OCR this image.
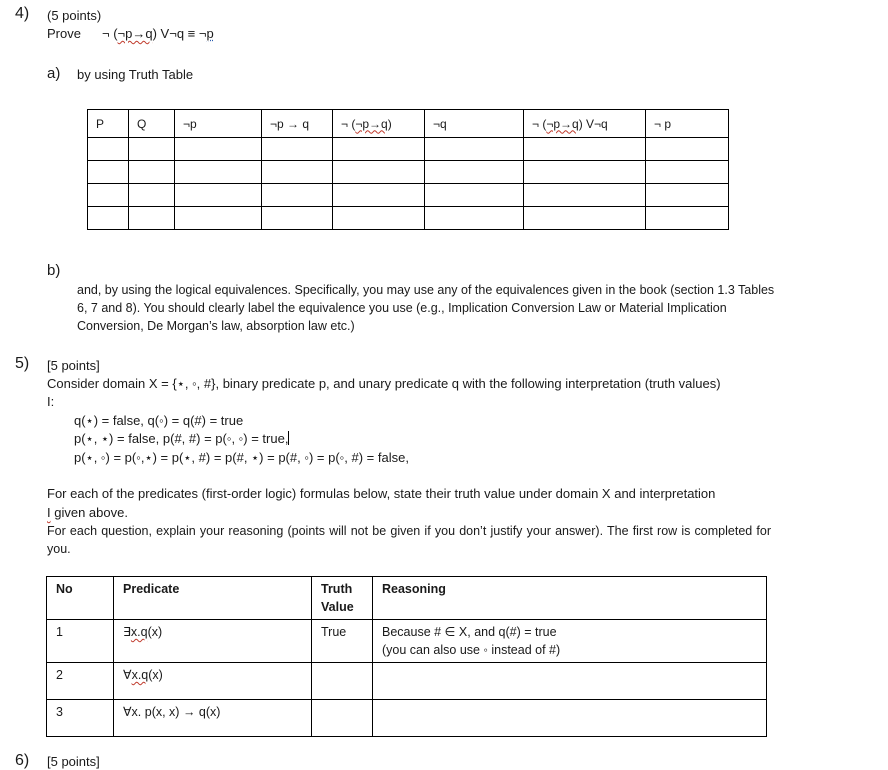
4) (5 points)
Prove ¬ (¬p→q) V¬q ≡ ¬p
a) by using Truth Table
P	Q	¬p	¬p → q	¬ (¬p→q)	¬q	¬ (¬p→q) V¬q	¬ p

b)
and, by using the logical equivalences. Specifically, you may use any of the equivalences given in the book (section 1.3 Tables 6, 7 and 8). You should clearly label the equivalence you use (e.g., Implication Conversion Law or Material Implication Conversion, De Morgan’s law, absorption law etc.)
5) [5 points]
Consider domain X = {⋆, ◦, #}, binary predicate p, and unary predicate q with the following interpretation (truth values)
I:
q(⋆) = false, q(◦) = q(#) = true
p(⋆, ⋆) = false, p(#, #) = p(◦, ◦) = true,
p(⋆, ◦) = p(◦,⋆) = p(⋆, #) = p(#, ⋆) = p(#, ◦) = p(◦, #) = false,
For each of the predicates (first-order logic) formulas below, state their truth value under domain X and interpretation
I given above.
For each question, explain your reasoning (points will not be given if you don’t justify your answer). The first row is completed for you.
No	Predicate	Truth Value	Reasoning
1	∃x.q(x)	True	Because # ∈ X, and q(#) = true
(you can also use ◦ instead of #)

2	∀x.q(x)		
3	∀x. p(x, x) → q(x)		
6) [5 points]
